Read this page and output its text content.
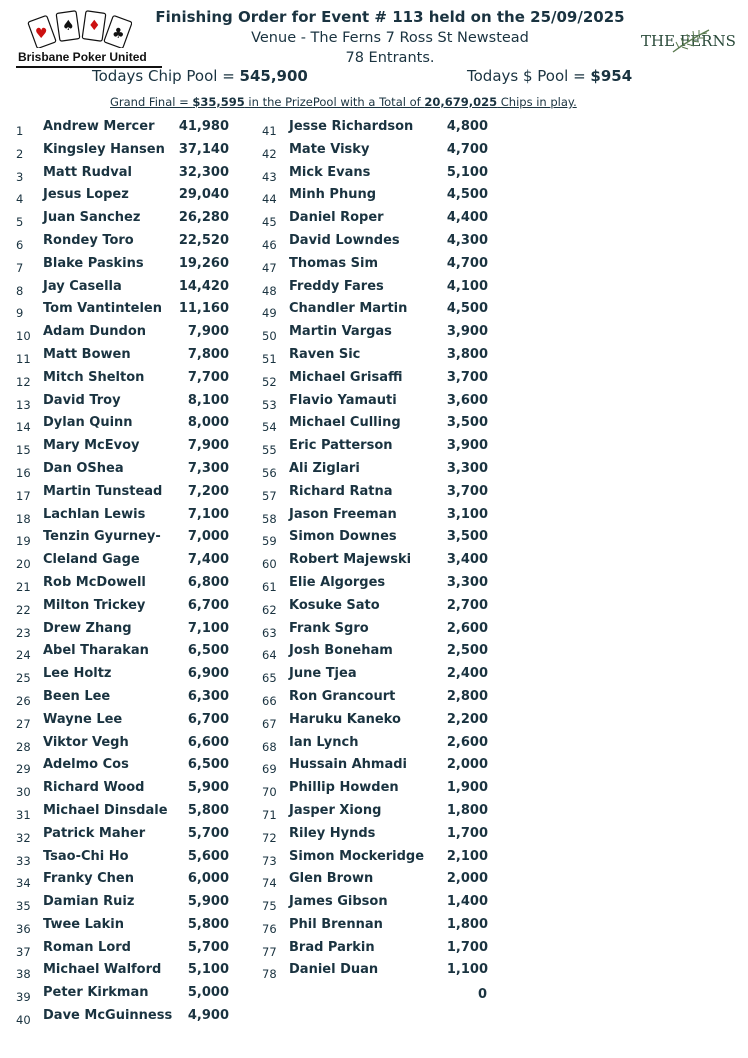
♥ ♠ ♦ ♣
Brisbane Poker United
THE FERNS
Finishing Order for Event # 113 held on the 25/09/2025
Venue - The Ferns 7 Ross St Newstead
78 Entrants.
Todays Chip Pool = 545,900	Todays $ Pool = $954
Grand Final = $35,595 in the PrizePool with a Total of 20,679,025 Chips in play.
1 Andrew Mercer	41,980
2 Kingsley Hansen	37,140
3 Matt Rudval	32,300
4 Jesus Lopez	29,040
5 Juan Sanchez	26,280
6 Rondey Toro	22,520
7 Blake Paskins	19,260
8 Jay Casella	14,420
9 Tom Vantintelen	11,160
10 Adam Dundon	7,900
11 Matt Bowen	7,800
12 Mitch Shelton	7,700
13 David Troy	8,100
14 Dylan Quinn	8,000
15 Mary McEvoy	7,900
16 Dan OShea	7,300
17 Martin Tunstead	7,200
18 Lachlan Lewis	7,100
19 Tenzin Gyurney-	7,000
20 Cleland Gage	7,400
21 Rob McDowell	6,800
22 Milton Trickey	6,700
23 Drew Zhang	7,100
24 Abel Tharakan	6,500
25 Lee Holtz	6,900
26 Been Lee	6,300
27 Wayne Lee	6,700
28 Viktor Vegh	6,600
29 Adelmo Cos	6,500
30 Richard Wood	5,900
31 Michael Dinsdale	5,800
32 Patrick Maher	5,700
33 Tsao-Chi Ho	5,600
34 Franky Chen	6,000
35 Damian Ruiz	5,900
36 Twee Lakin	5,800
37 Roman Lord	5,700
38 Michael Walford	5,100
39 Peter Kirkman	5,000
40 Dave McGuinness	4,900
41 Jesse Richardson	4,800
42 Mate Visky	4,700
43 Mick Evans	5,100
44 Minh Phung	4,500
45 Daniel Roper	4,400
46 David Lowndes	4,300
47 Thomas Sim	4,700
48 Freddy Fares	4,100
49 Chandler Martin	4,500
50 Martin Vargas	3,900
51 Raven Sic	3,800
52 Michael Grisaffi	3,700
53 Flavio Yamauti	3,600
54 Michael Culling	3,500
55 Eric Patterson	3,900
56 Ali Ziglari	3,300
57 Richard Ratna	3,700
58 Jason Freeman	3,100
59 Simon Downes	3,500
60 Robert Majewski	3,400
61 Elie Algorges	3,300
62 Kosuke Sato	2,700
63 Frank Sgro	2,600
64 Josh Boneham	2,500
65 June Tjea	2,400
66 Ron Grancourt	2,800
67 Haruku Kaneko	2,200
68 Ian Lynch	2,600
69 Hussain Ahmadi	2,000
70 Phillip Howden	1,900
71 Jasper Xiong	1,800
72 Riley Hynds	1,700
73 Simon Mockeridge	2,100
74 Glen Brown	2,000
75 James Gibson	1,400
76 Phil Brennan	1,800
77 Brad Parkin	1,700
78 Daniel Duan	1,100
0
